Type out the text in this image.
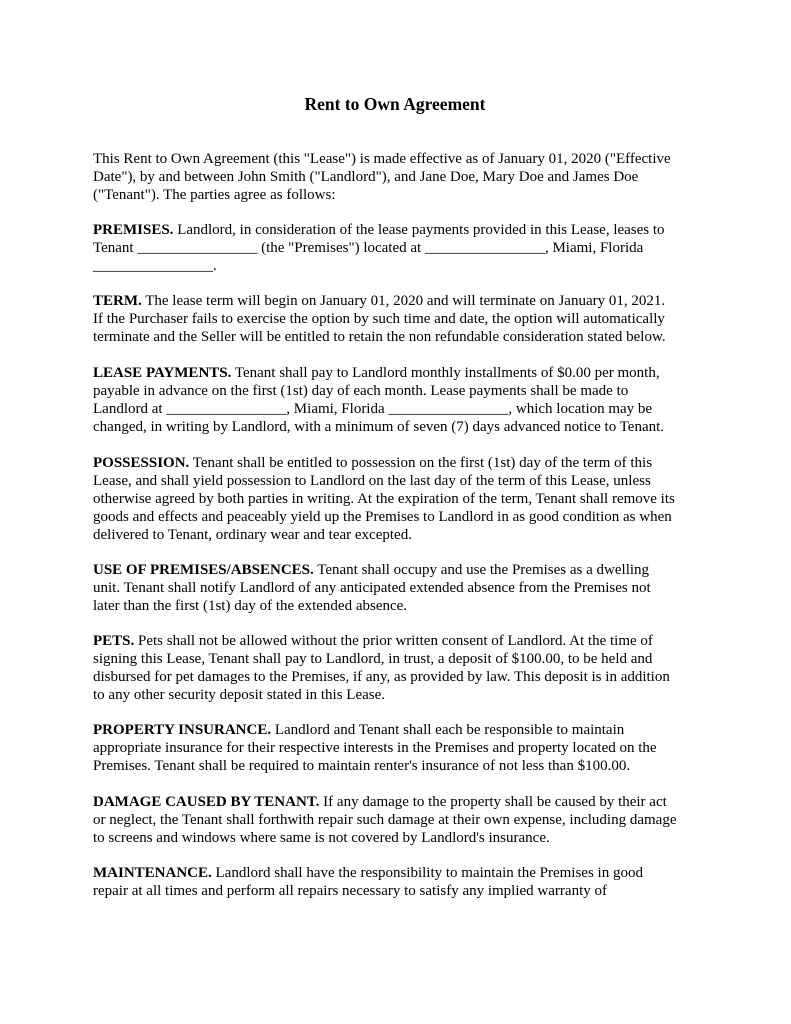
Rent to Own Agreement

This Rent to Own Agreement (this "Lease") is made effective as of January 01, 2020 ("Effective
Date"), by and between John Smith ("Landlord"), and Jane Doe, Mary Doe and James Doe
("Tenant"). The parties agree as follows:

PREMISES. Landlord, in consideration of the lease payments provided in this Lease, leases to
Tenant ________________ (the "Premises") located at ________________, Miami, Florida
________________.

TERM. The lease term will begin on January 01, 2020 and will terminate on January 01, 2021.
If the Purchaser fails to exercise the option by such time and date, the option will automatically
terminate and the Seller will be entitled to retain the non refundable consideration stated below.

LEASE PAYMENTS. Tenant shall pay to Landlord monthly installments of $0.00 per month,
payable in advance on the first (1st) day of each month. Lease payments shall be made to
Landlord at ________________, Miami, Florida ________________, which location may be
changed, in writing by Landlord, with a minimum of seven (7) days advanced notice to Tenant.

POSSESSION. Tenant shall be entitled to possession on the first (1st) day of the term of this
Lease, and shall yield possession to Landlord on the last day of the term of this Lease, unless
otherwise agreed by both parties in writing. At the expiration of the term, Tenant shall remove its
goods and effects and peaceably yield up the Premises to Landlord in as good condition as when
delivered to Tenant, ordinary wear and tear excepted.

USE OF PREMISES/ABSENCES. Tenant shall occupy and use the Premises as a dwelling
unit. Tenant shall notify Landlord of any anticipated extended absence from the Premises not
later than the first (1st) day of the extended absence.

PETS. Pets shall not be allowed without the prior written consent of Landlord. At the time of
signing this Lease, Tenant shall pay to Landlord, in trust, a deposit of $100.00, to be held and
disbursed for pet damages to the Premises, if any, as provided by law. This deposit is in addition
to any other security deposit stated in this Lease.

PROPERTY INSURANCE. Landlord and Tenant shall each be responsible to maintain
appropriate insurance for their respective interests in the Premises and property located on the
Premises. Tenant shall be required to maintain renter's insurance of not less than $100.00.

DAMAGE CAUSED BY TENANT. If any damage to the property shall be caused by their act
or neglect, the Tenant shall forthwith repair such damage at their own expense, including damage
to screens and windows where same is not covered by Landlord's insurance.

MAINTENANCE. Landlord shall have the responsibility to maintain the Premises in good
repair at all times and perform all repairs necessary to satisfy any implied warranty of
